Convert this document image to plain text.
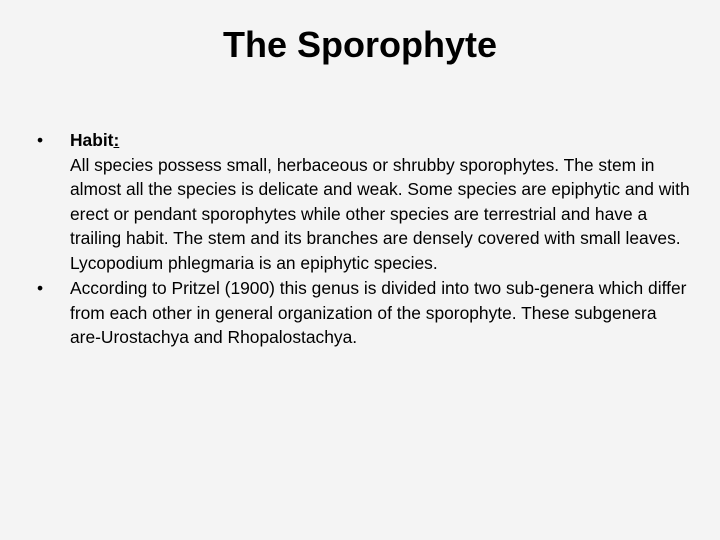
The Sporophyte
•	Habit:
All species possess small, herbaceous or shrubby sporophytes. The stem in almost all the species is delicate and weak. Some species are epiphytic and with erect or pendant sporophytes while other species are terrestrial and have a trailing habit. The stem and its branches are densely covered with small leaves. Lycopodium phlegmaria is an epiphytic species.
•	According to Pritzel (1900) this genus is divided into two sub-genera which differ from each other in general organization of the sporophyte. These subgenera are-Urostachya and Rhopalostachya.
